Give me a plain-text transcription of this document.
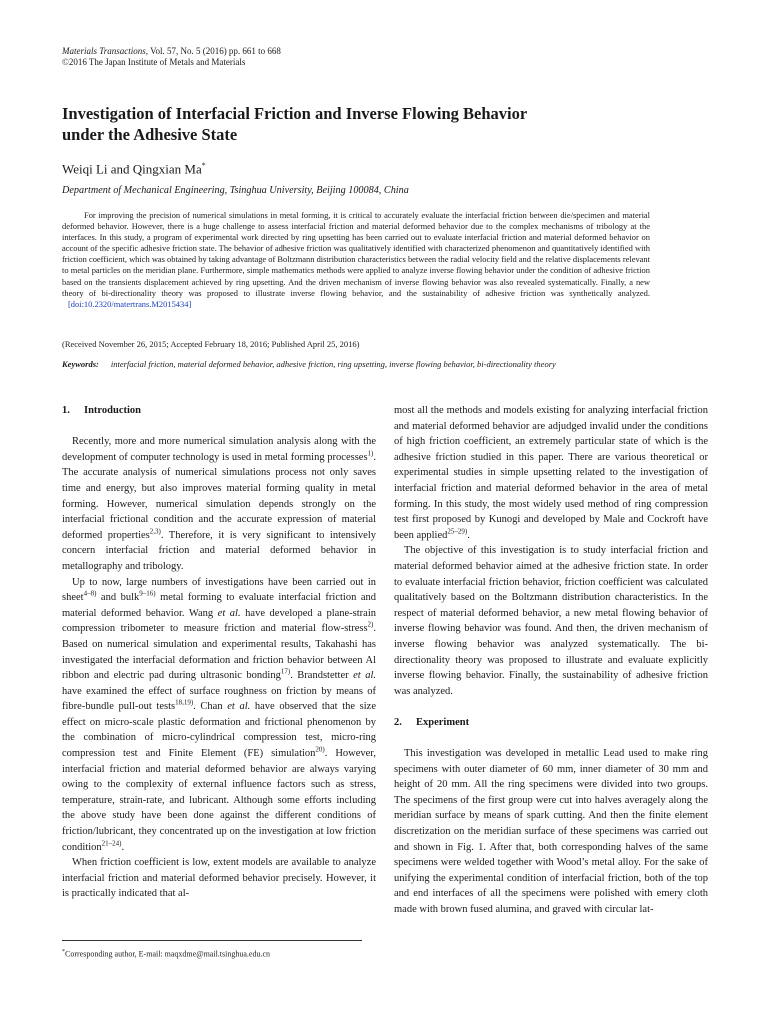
Materials Transactions, Vol. 57, No. 5 (2016) pp. 661 to 668
©2016 The Japan Institute of Metals and Materials
Investigation of Interfacial Friction and Inverse Flowing Behavior
under the Adhesive State
Weiqi Li and Qingxian Ma*
Department of Mechanical Engineering, Tsinghua University, Beijing 100084, China

For improving the precision of numerical simulations in metal forming, it is critical to accurately evaluate the interfacial friction between die/specimen and material deformed behavior. However, there is a huge challenge to assess interfacial friction and material deformed behavior due to the complex mechanisms of tribology at the interfaces. In this study, a program of experimental work directed by ring upsetting has been carried out to evaluate interfacial friction and material deformed behavior on account of the specific adhesive friction state. The behavior of adhesive friction was qualitatively identified with characterized phenomenon and quantitatively identified with friction coefficient, which was obtained by taking advantage of Boltzmann distribution characteristics between the radial velocity field and the relative displacements relevant to metal particles on the meridian plane. Furthermore, simple mathematics methods were applied to analyze inverse flowing behavior under the condition of adhesive friction based on the transients displacement achieved by ring upsetting. And the driven mechanism of inverse flowing behavior was also revealed systematically. Finally, a new theory of bi-directionality theory was proposed to illustrate inverse flowing behavior, and the sustainability of adhesive friction was synthetically analyzed.[doi:10.2320/matertrans.M2015434]

(Received November 26, 2015; Accepted February 18, 2016; Published April 25, 2016)
Keywords: interfacial friction, material deformed behavior, adhesive friction, ring upsetting, inverse flowing behavior, bi-directionality theory
1. Introduction

Recently, more and more numerical simulation analysis along with the development of computer technology is used in metal forming processes$^{1)}$. The accurate analysis of numerical simulations process not only saves time and energy, but also improves material forming quality in metal forming. However, numerical simulation depends strongly on the interfacial frictional condition and the accurate expression of material deformed properties$^{2,3)}$. Therefore, it is very significant to intensively concern interfacial friction and material deformed behavior in metallography and tribology.

Up to now, large numbers of investigations have been carried out in sheet$^{4-8)}$ and bulk$^{9-16)}$ metal forming to evaluate interfacial friction and material deformed behavior. Wang et al. have developed a plane-strain compression tribometer to measure friction and material flow-stress$^{2)}$. Based on numerical simulation and experimental results, Takahashi has investigated the interfacial deformation and friction behavior between Al ribbon and electric pad during ultrasonic bonding$^{17)}$. Brandstetter et al. have examined the effect of surface roughness on friction by means of fibre-bundle pull-out tests$^{18,19)}$. Chan et al. have observed that the size effect on micro-scale plastic deformation and frictional phenomenon by the combination of micro-cylindrical compression test, micro-ring compression test and Finite Element (FE) simulation$^{20)}$. However, interfacial friction and material deformed behavior are always varying owing to the complexity of external influence factors such as stress, temperature, strain-rate, and lubricant. Although some efforts including the above study have been done against the different conditions of friction/lubricant, they concentrated up on the investigation at low friction condition$^{21-24)}$.

When friction coefficient is low, extent models are available to analyze interfacial friction and material deformed behavior precisely. However, it is practically indicated that al-

most all the methods and models existing for analyzing interfacial friction and material deformed behavior are adjudged invalid under the conditions of high friction coefficient, an extremely particular state of which is the adhesive friction studied in this paper. There are various theoretical or experimental studies in simple upsetting related to the investigation of interfacial friction and material deformed behavior in the area of metal forming. In this study, the most widely used method of ring compression test first proposed by Kunogi and developed by Male and Cockroft have been applied$^{25-29)}$.

The objective of this investigation is to study interfacial friction and material deformed behavior aimed at the adhesive friction state. In order to evaluate interfacial friction behavior, friction coefficient was calculated qualitatively based on the Boltzmann distribution characteristics. In the respect of material deformed behavior, a new metal flowing behavior of inverse flowing behavior was found. And then, the driven mechanism of inverse flowing behavior was analyzed systematically. The bi-directionality theory was proposed to illustrate and evaluate explicitly inverse flowing behavior. Finally, the sustainability of adhesive friction was analyzed.

2. Experiment

This investigation was developed in metallic Lead used to make ring specimens with outer diameter of 60 mm, inner diameter of 30 mm and height of 20 mm. All the ring specimens were divided into two groups. The specimens of the first group were cut into halves averagely along the meridian surface by means of spark cutting. And then the finite element discretization on the meridian surface of these specimens was carried out and shown in Fig. 1. After that, both corresponding halves of the same specimens were welded together with Wood’s metal alloy. For the sake of unifying the experimental condition of interfacial friction, both of the top and end interfaces of all the specimens were polished with emery cloth made with brown fused alumina, and graved with circular lat-

*Corresponding author, E-mail: maqxdme@mail.tsinghua.edu.cn
